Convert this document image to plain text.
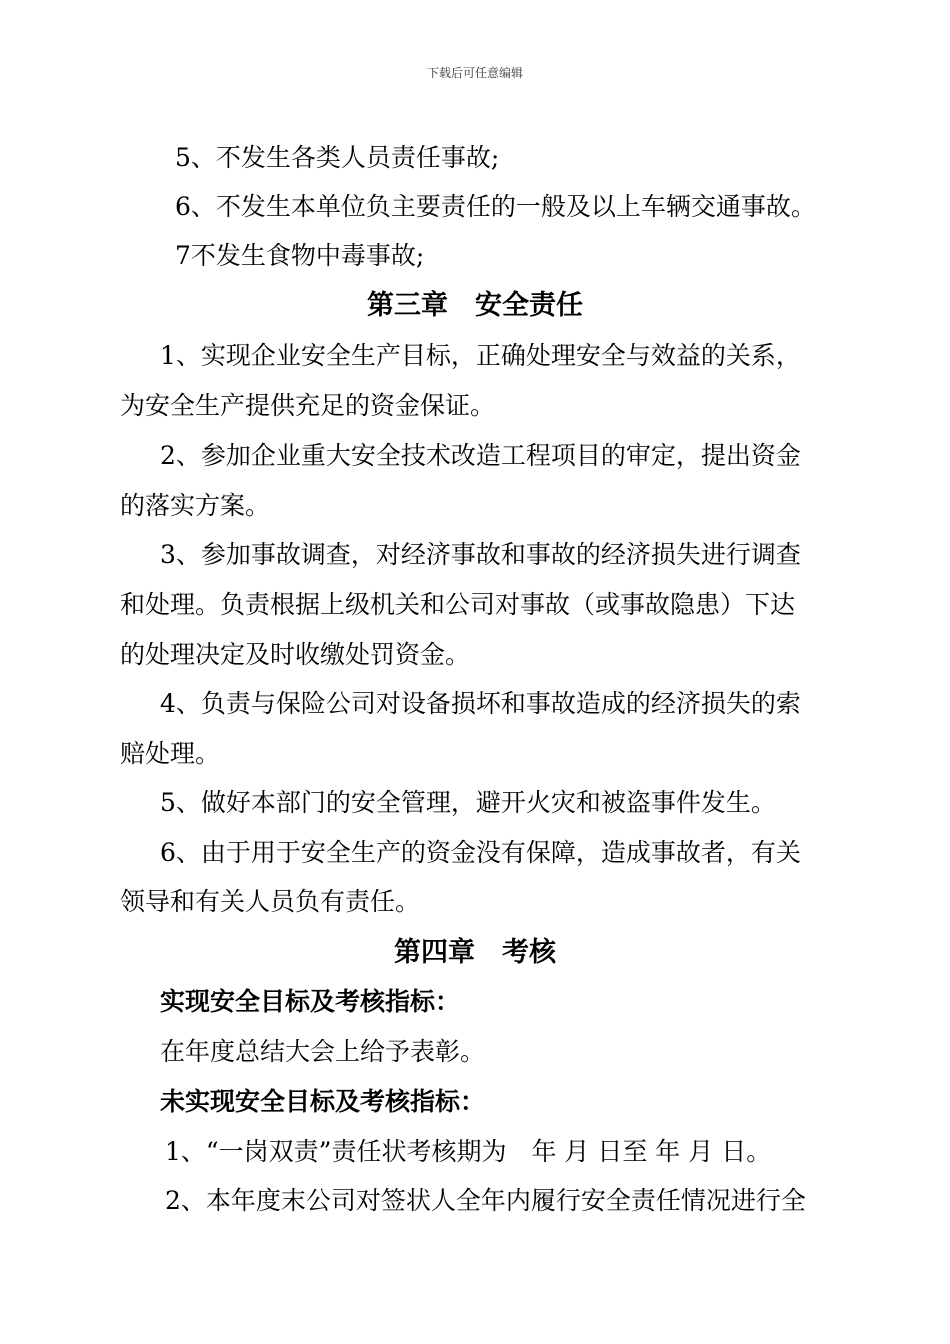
下载后可任意编辑
5、不发生各类人员责任事故;
6、不发生本单位负主要责任的一般及以上车辆交通事故。
7不发生食物中毒事故;
第三章　安全责任
1、实现企业安全生产目标，正确处理安全与效益的关系，
为安全生产提供充足的资金保证。
2、参加企业重大安全技术改造工程项目的审定，提出资金
的落实方案。
3、参加事故调查，对经济事故和事故的经济损失进行调查
和处理。负责根据上级机关和公司对事故（或事故隐患）下达
的处理决定及时收缴处罚资金。
4、负责与保险公司对设备损坏和事故造成的经济损失的索
赔处理。
5、做好本部门的安全管理，避开火灾和被盗事件发生。
6、由于用于安全生产的资金没有保障，造成事故者，有关
领导和有关人员负有责任。
第四章　考核
实现安全目标及考核指标：
在年度总结大会上给予表彰。
未实现安全目标及考核指标：
1、“一岗双责”责任状考核期为　年 月 日至 年 月 日。
2、本年度末公司对签状人全年内履行安全责任情况进行全
